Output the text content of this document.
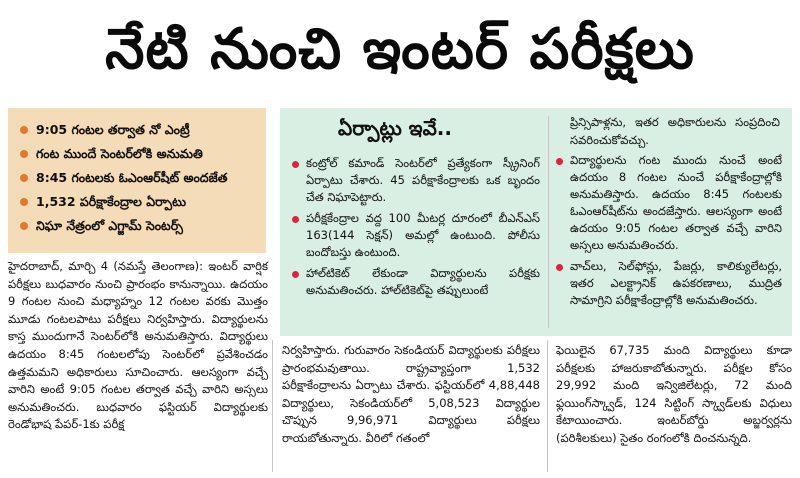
నేటి నుంచి ఇంటర్ పరీక్షలు
9:05 గంటల తర్వాత నో ఎంట్రీ
గంట ముందే సెంటర్‌లోకి అనుమతి
8:45 గంటలకు ఓఎంఆర్‌షీట్ అందజేత
1,532 పరీక్షాకేంద్రాల ఏర్పాటు
నిఘా నేత్రంలో ఎగ్జామ్ సెంటర్స్
ఏర్పాట్లు ఇవే..
కంట్రోల్ కమాండ్ సెంటర్‌లో ప్రత్యేకంగా స్క్రీనింగ్ ఏర్పాటు చేశారు. 45 పరీక్షాకేంద్రాలకు ఒక బృందం చేత నిఘాపెట్టారు.
పరీక్షకేంద్రాల వద్ద 100 మీటర్ల దూరంలో బీఎన్‌ఎస్ 163(144 సెక్షన్) అమల్లో ఉంటుంది. పోలీసు బందోబస్తు ఉంటుంది.
హాల్‌టికెట్ లేకుండా విద్యార్థులను పరీక్షకు అనుమతించరు. హాల్‌టికెట్‌పై తప్పులుంటే

ప్రిన్సిపాళ్లను, ఇతర అధికారులను సంప్రదించి సవరించుకోవచ్చు.

విద్యార్థులను గంట ముందు నుంచే అంటే ఉదయం 8 గంటల నుంచే పరీక్షాకేంద్రాల్లోకి అనుమతిస్తారు. ఉదయం 8:45 గంటలకు ఓఎంఆర్‌షీట్‌ను అందజేస్తారు. ఆలస్యంగా అంటే ఉదయం 9:05 గంటల తర్వాత వచ్చే వారిని అస్సలు అనుమతించరు.
వాచ్‌లు, సెల్‌ఫోన్లు, పేజర్లు, కాలిక్యులేటర్లు, ఇతర ఎలక్ట్రానిక్ ఉపకరణాలు, ముద్రిత సామాగ్రిని పరీక్షాకేంద్రాల్లోకి అనుమతించరు.

హైదరాబాద్, మార్చి 4 (నమస్తే తెలంగాణ): ఇంటర్ వార్షిక పరీక్షలు బుధవారం నుంచి ప్రారంభం కానున్నాయి. ఉదయం 9 గంటల నుంచి మధ్యాహ్నం 12 గంటల వరకు మొత్తం మూడు గంటలపాటు పరీక్షలు నిర్వహిస్తారు. విద్యార్థులను కాస్త ముందుగానే సెంటర్‌లోకి అనుమతిస్తారు. విద్యార్థులు ఉదయం 8:45 గంటలలోపు సెంటర్‌లో ప్రవేశించడం ఉత్తమమని అధికారులు సూచించారు. ఆలస్యంగా వచ్చే వారిని అంటే 9:05 గంటల తర్వాత వచ్చే వారిని అస్సలు అనుమతించరు. బుధవారం ఫస్టియర్ విద్యార్థులకు రెండోభాష పేపర్-1కు పరీక్ష

నిర్వహిస్తారు. గురువారం సెకండియర్ విద్యార్థులకు పరీక్షలు ప్రారంభమవుతాయి. రాష్ట్రవ్యాప్తంగా 1,532 పరీక్షాకేంద్రాలను ఏర్పాటు చేశారు. ఫస్టియర్‌లో 4,88,448 విద్యార్థులు, సెకండియర్‌లో 5,08,523 విద్యార్థుల చొప్పున 9,96,971 విద్యార్థులు పరీక్షలు రాయబోతున్నారు. వీరిలో గతంలో

ఫెయిలైన 67,735 మంది విద్యార్థులు కూడా పరీక్షలకు హాజరుకాబోతున్నారు. పరీక్షల కోసం 29,992 మంది ఇన్విజిలేటర్లు, 72 మంది ఫ్లయింగ్‌స్క్వాడ్, 124 సిట్టింగ్ స్క్వాడ్‌లకు విధులు కేటాయించారు. ఇంటర్‌బోర్డు అబ్జర్వర్లను (పరిశీలకులు) సైతం రంగంలోకి దించనున్నది.
